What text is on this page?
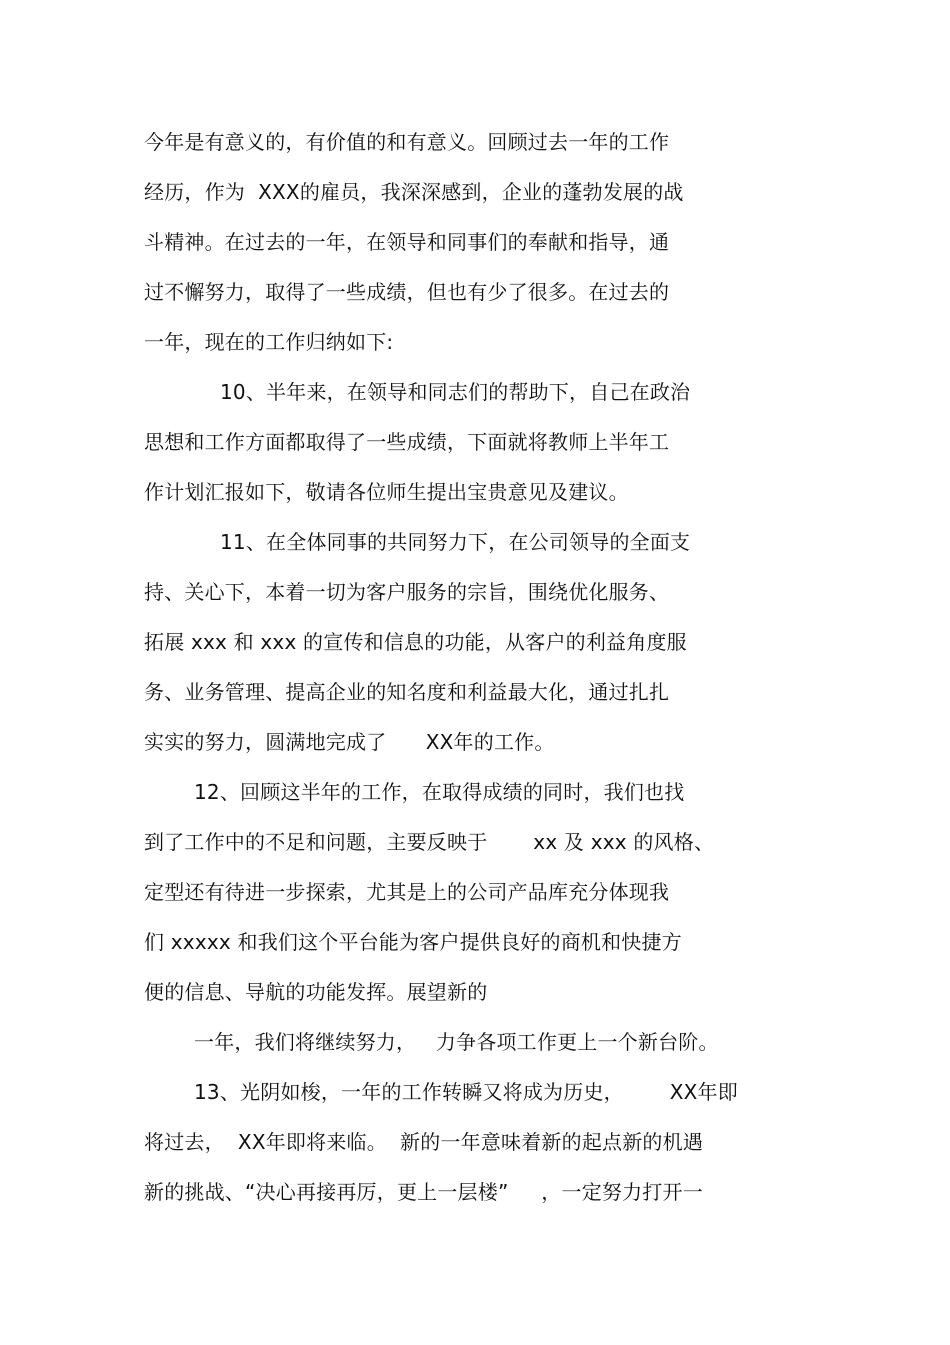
今年是有意义的，有价值的和有意义。回顾过去一年的工作
经历，作为  XXX的雇员，我深深感到，企业的蓬勃发展的战
斗精神。在过去的一年，在领导和同事们的奉献和指导，通
过不懈努力，取得了一些成绩，但也有少了很多。在过去的
一年，现在的工作归纳如下:
10、半年来，在领导和同志们的帮助下，自己在政治
思想和工作方面都取得了一些成绩，下面就将教师上半年工
作计划汇报如下，敬请各位师生提出宝贵意见及建议。
11、在全体同事的共同努力下，在公司领导的全面支
持、关心下，本着一切为客户服务的宗旨，围绕优化服务、
拓展 xxx 和 xxx 的宣传和信息的功能，从客户的利益角度服
务、业务管理、提高企业的知名度和利益最大化，通过扎扎
实实的努力，圆满地完成了      XX年的工作。
12、回顾这半年的工作，在取得成绩的同时，我们也找
到了工作中的不足和问题，主要反映于       xx 及 xxx 的风格、
定型还有待进一步探索，尤其是上的公司产品库充分体现我
们 xxxxx 和我们这个平台能为客户提供良好的商机和快捷方
便的信息、导航的功能发挥。展望新的
一年，我们将继续努力，   力争各项工作更上一个新台阶。
13、光阴如梭，一年的工作转瞬又将成为历史，       XX年即
将过去，  XX年即将来临。  新的一年意味着新的起点新的机遇
新的挑战、“决心再接再厉，更上一层楼”     ，一定努力打开一
